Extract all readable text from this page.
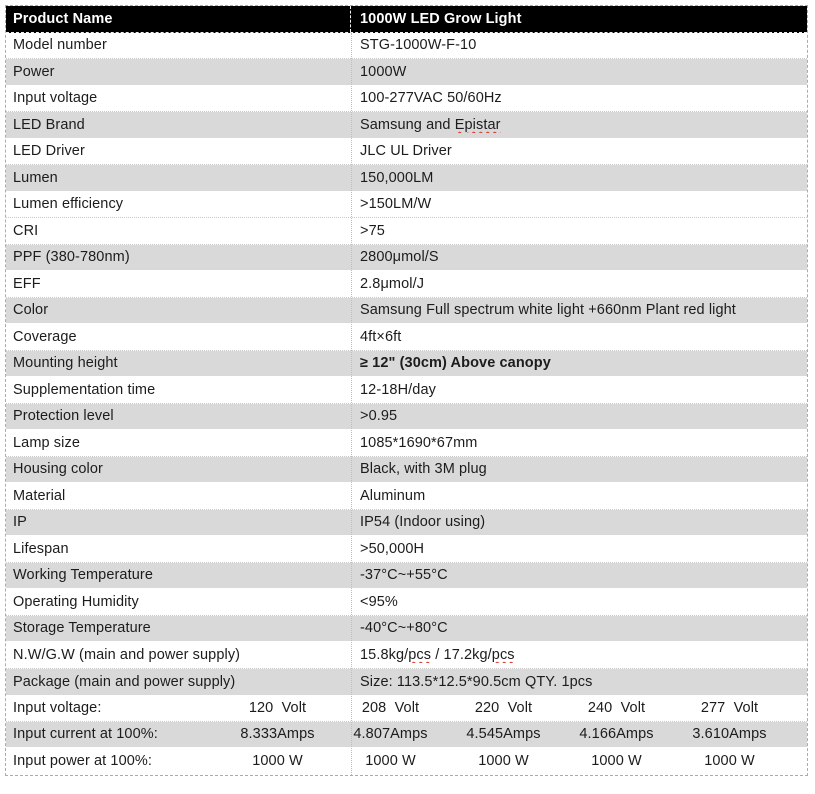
Product Name	1000W LED Grow Light
Model number	STG-1000W-F-10
Power	1000W
Input voltage	100-277VAC 50/60Hz
LED Brand	Samsung and Epistar
LED Driver	JLC UL Driver
Lumen	150,000LM
Lumen efficiency	>150LM/W
CRI	>75
PPF (380-780nm)	2800μmol/S
EFF	2.8μmol/J
Color	Samsung Full spectrum white light +660nm Plant red light
Coverage	4ft×6ft
Mounting height	≥ 12" (30cm) Above canopy
Supplementation time	12-18H/day
Protection level	>0.95
Lamp size	1085*1690*67mm
Housing color	Black, with 3M plug
Material	Aluminum
IP	IP54 (Indoor using)
Lifespan	>50,000H
Working Temperature	-37°C~+55°C
Operating Humidity	<95%
Storage Temperature	-40°C~+80°C
N.W/G.W (main and power supply)	15.8kg/pcs / 17.2kg/pcs
Package (main and power supply)	Size: 113.5*12.5*90.5cm QTY. 1pcs
Input voltage:	120  Volt	208  Volt	220  Volt	240  Volt	277  Volt
Input current at 100%:	8.333Amps	4.807Amps	4.545Amps	4.166Amps	3.610Amps
Input power at 100%:	1000 W	1000 W	1000 W	1000 W	1000 W
